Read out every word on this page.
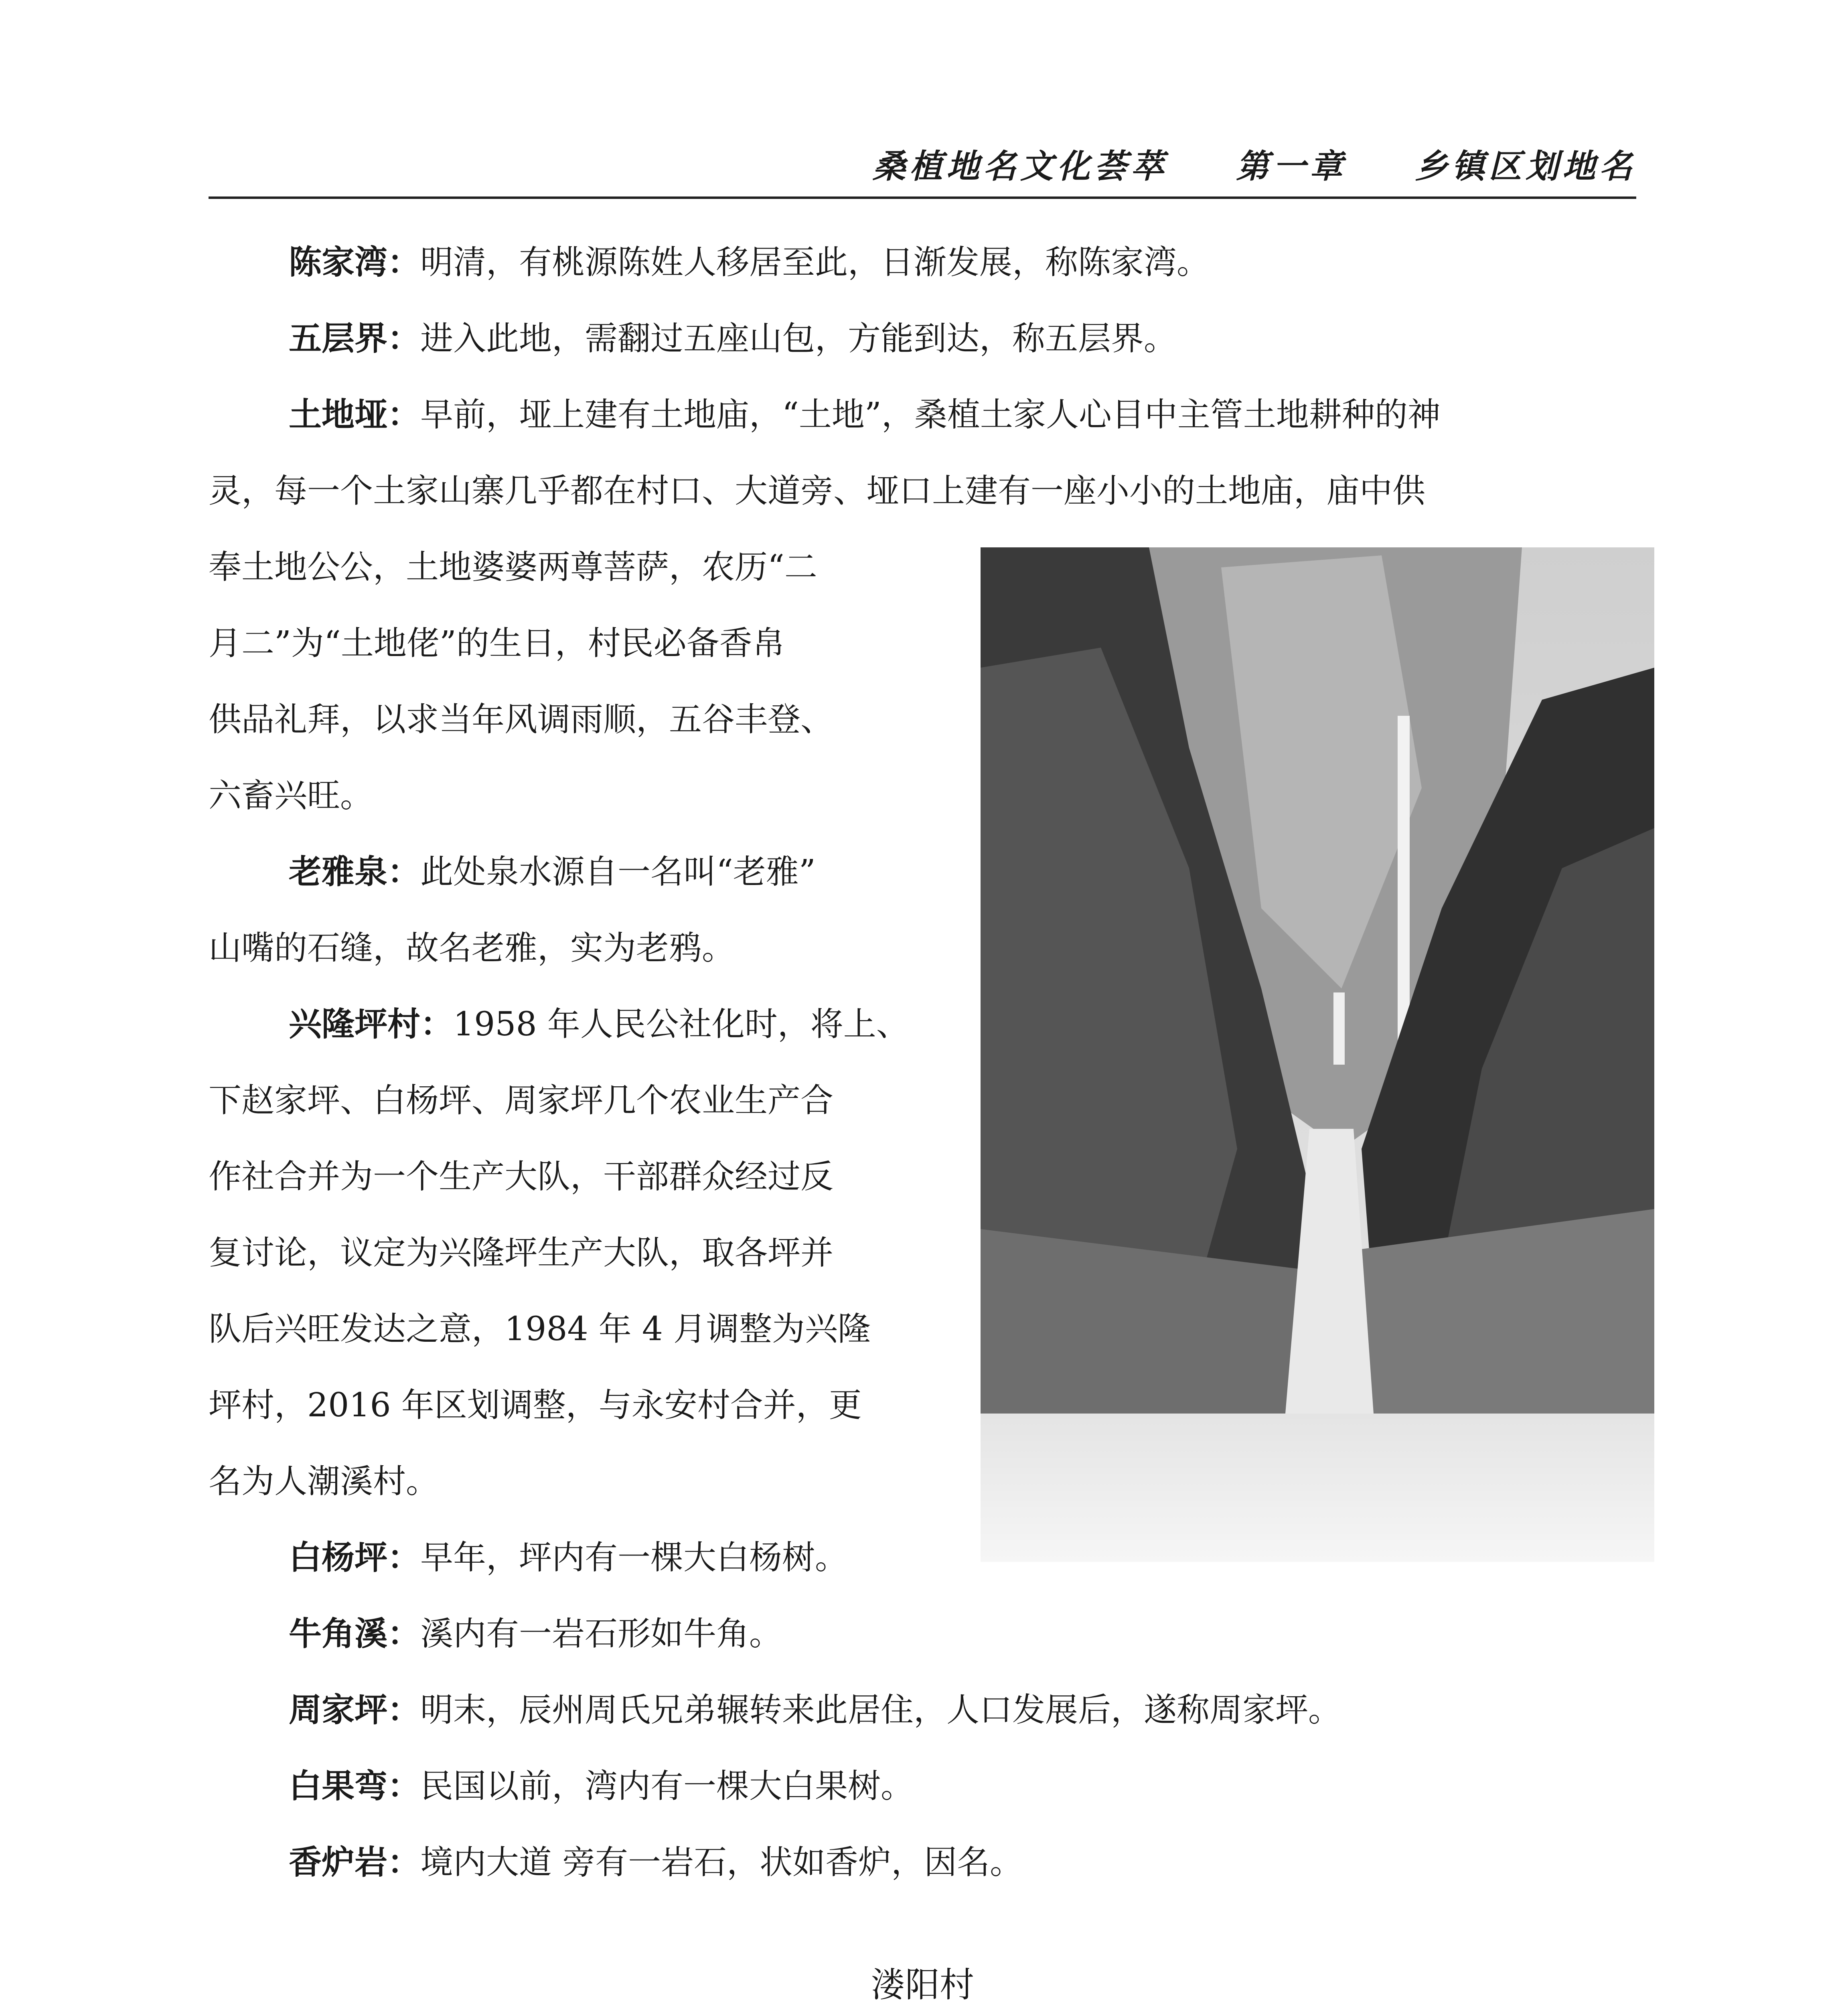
桑植地名文化荟萃 第一章 乡镇区划地名
陈家湾：明清，有桃源陈姓人移居至此，日渐发展，称陈家湾。
五层界：进入此地，需翻过五座山包，方能到达，称五层界。
土地垭：早前，垭上建有土地庙，“土地”，桑植土家人心目中主管土地耕种的神
灵，每一个土家山寨几乎都在村口、大道旁、垭口上建有一座小小的土地庙，庙中供
奉土地公公，土地婆婆两尊菩萨，农历“二
月二”为“土地佬”的生日，村民必备香帛
供品礼拜，以求当年风调雨顺，五谷丰登、
六畜兴旺。
老雅泉：此处泉水源自一名叫“老雅”
山嘴的石缝，故名老雅，实为老鸦。
兴隆坪村：1958 年人民公社化时，将上、
下赵家坪、白杨坪、周家坪几个农业生产合
作社合并为一个生产大队，干部群众经过反
复讨论，议定为兴隆坪生产大队，取各坪并
队后兴旺发达之意，1984 年 4 月调整为兴隆
坪村，2016 年区划调整，与永安村合并，更
名为人潮溪村。
白杨坪：早年，坪内有一棵大白杨树。
牛角溪：溪内有一岩石形如牛角。
周家坪：明末，辰州周氏兄弟辗转来此居住，人口发展后，遂称周家坪。
白果弯：民国以前，湾内有一棵大白果树。
香炉岩：境内大道 旁有一岩石，状如香炉，因名。
溇阳村
